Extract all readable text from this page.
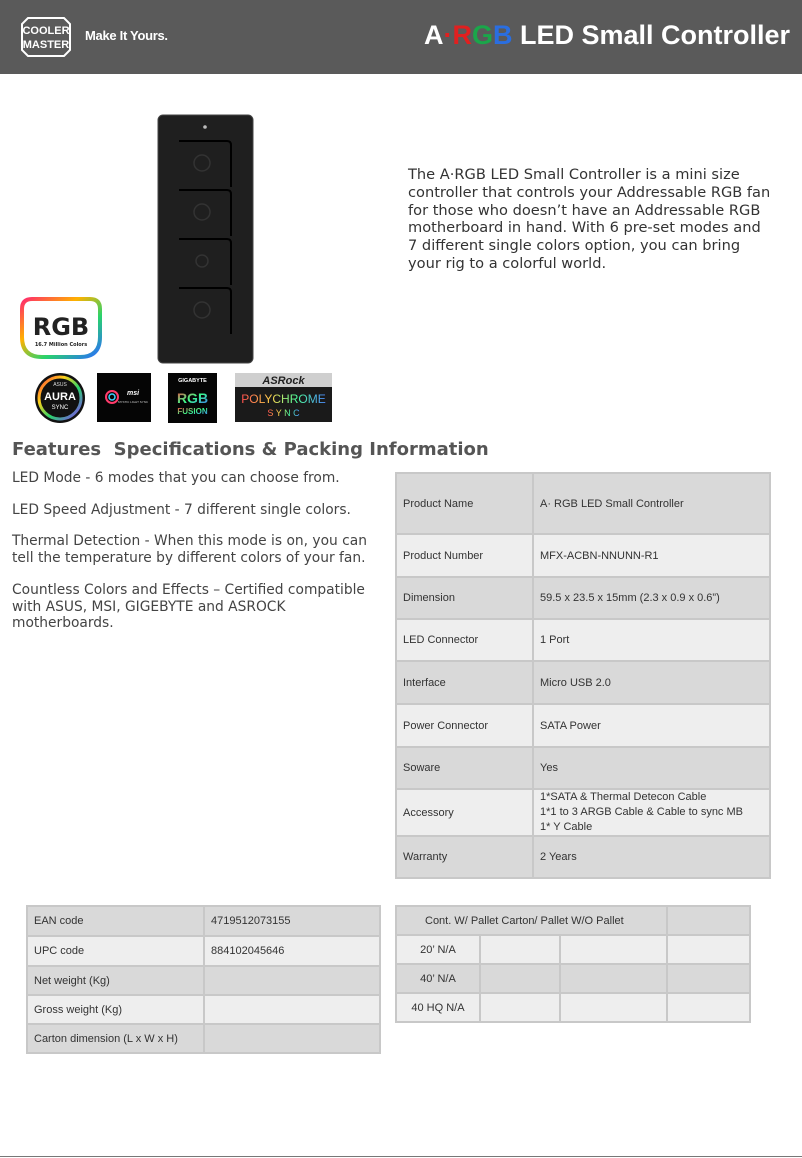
COOLER
MASTER
Make It Yours.	A·RGB LED Small Controller
RGB
16.7 Million Colors
ASUS
AURA
SYNC
msi
MYSTIC LIGHT SYNC
GIGABYTE
RGB
FUSION
ASRock
POLYCHROME
S Y N C
The A·RGB LED Small Controller is a mini size controller that controls your Addressable RGB fan for those who doesn’t have an Addressable RGB motherboard in hand. With 6 pre-set modes and 7 different single colors option, you can bring your rig to a colorful world.
Features  Specifications & Packing Information
LED Mode - 6 modes that you can choose from.
LED Speed Adjustment - 7 different single colors.
Thermal Detection - When this mode is on, you can tell the temperature by different colors of your fan.
Countless Colors and Effects – Certified compatible with ASUS, MSI, GIGEBYTE and ASROCK motherboards.
Product Name	A· RGB LED Small Controller
Product Number	MFX-ACBN-NNUNN-R1
Dimension	59.5 x 23.5 x 15mm (2.3 x 0.9 x 0.6”)
LED Connector	1 Port
Interface	Micro USB 2.0
Power Connector	SATA Power
Soware	Yes
Accessory	1*SATA & Thermal Detecon Cable
1*1 to 3 ARGB Cable & Cable to sync MB
1* Y Cable

Warranty	2 Years
EAN code	4719512073155
UPC code	884102045646
Net weight (Kg)	
Gross weight (Kg)	
Carton dimension (L x W x H)	
Cont. W/ Pallet Carton/ Pallet W/O Pallet			
20’ N/A			
40’ N/A			
40 HQ N/A			
